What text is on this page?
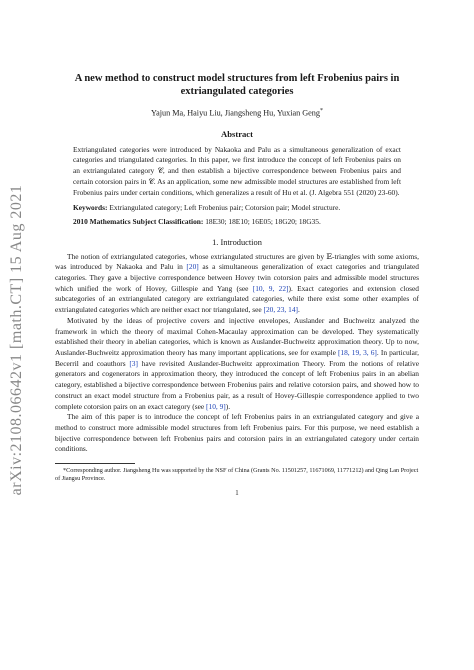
arXiv:2108.06642v1 [math.CT] 15 Aug 2021
A new method to construct model structures from left Frobenius pairs in extriangulated categories
Yajun Ma, Haiyu Liu, Jiangsheng Hu, Yuxian Geng*
Abstract
Extriangulated categories were introduced by Nakaoka and Palu as a simultaneous generalization of exact categories and triangulated categories. In this paper, we first introduce the concept of left Frobenius pairs on an extriangulated category 𝒞, and then establish a bijective correspondence between Frobenius pairs and certain cotorsion pairs in 𝒞. As an application, some new admissible model structures are established from left Frobenius pairs under certain conditions, which generalizes a result of Hu et al. (J. Algebra 551 (2020) 23-60).
Keywords: Extriangulated category; Left Frobenius pair; Cotorsion pair; Model structure.
2010 Mathematics Subject Classification: 18E30; 18E10; 16E05; 18G20; 18G35.
1. Introduction

The notion of extriangulated categories, whose extriangulated structures are given by 𝔼-triangles with some axioms, was introduced by Nakaoka and Palu in [20] as a simultaneous generalization of exact categories and triangulated categories. They gave a bijective correspondence between Hovey twin cotorsion pairs and admissible model structures which unified the work of Hovey, Gillespie and Yang (see [10, 9, 22]). Exact categories and extension closed subcategories of an extriangulated category are extriangulated categories, while there exist some other examples of extriangulated categories which are neither exact nor triangulated, see [20, 23, 14].

Motivated by the ideas of projective covers and injective envelopes, Auslander and Buchweitz analyzed the framework in which the theory of maximal Cohen-Macaulay approximation can be developed. They systematically established their theory in abelian categories, which is known as Auslander-Buchweitz approximation theory. Up to now, Auslander-Buchweitz approximation theory has many important applications, see for example [18, 19, 3, 6]. In particular, Becerril and coauthors [3] have revisited Auslander-Buchweitz approximation Theory. From the notions of relative generators and cogenerators in approximation theory, they introduced the concept of left Frobenius pairs in an abelian category, established a bijective correspondence between Frobenius pairs and relative cotorsion pairs, and showed how to construct an exact model structure from a Frobenius pair, as a result of Hovey-Gillespie correspondence applied to two complete cotorsion pairs on an exact category (see [10, 9]).

The aim of this paper is to introduce the concept of left Frobenius pairs in an extriangulated category and give a method to construct more admissible model structures from left Frobenius pairs. For this purpose, we need establish a bijective correspondence between left Frobenius pairs and cotorsion pairs in an extriangulated category under certain conditions.

*Corresponding author. Jiangsheng Hu was supported by the NSF of China (Grants No. 11501257, 11671069, 11771212) and Qing Lan Project of Jiangsu Province.
1
